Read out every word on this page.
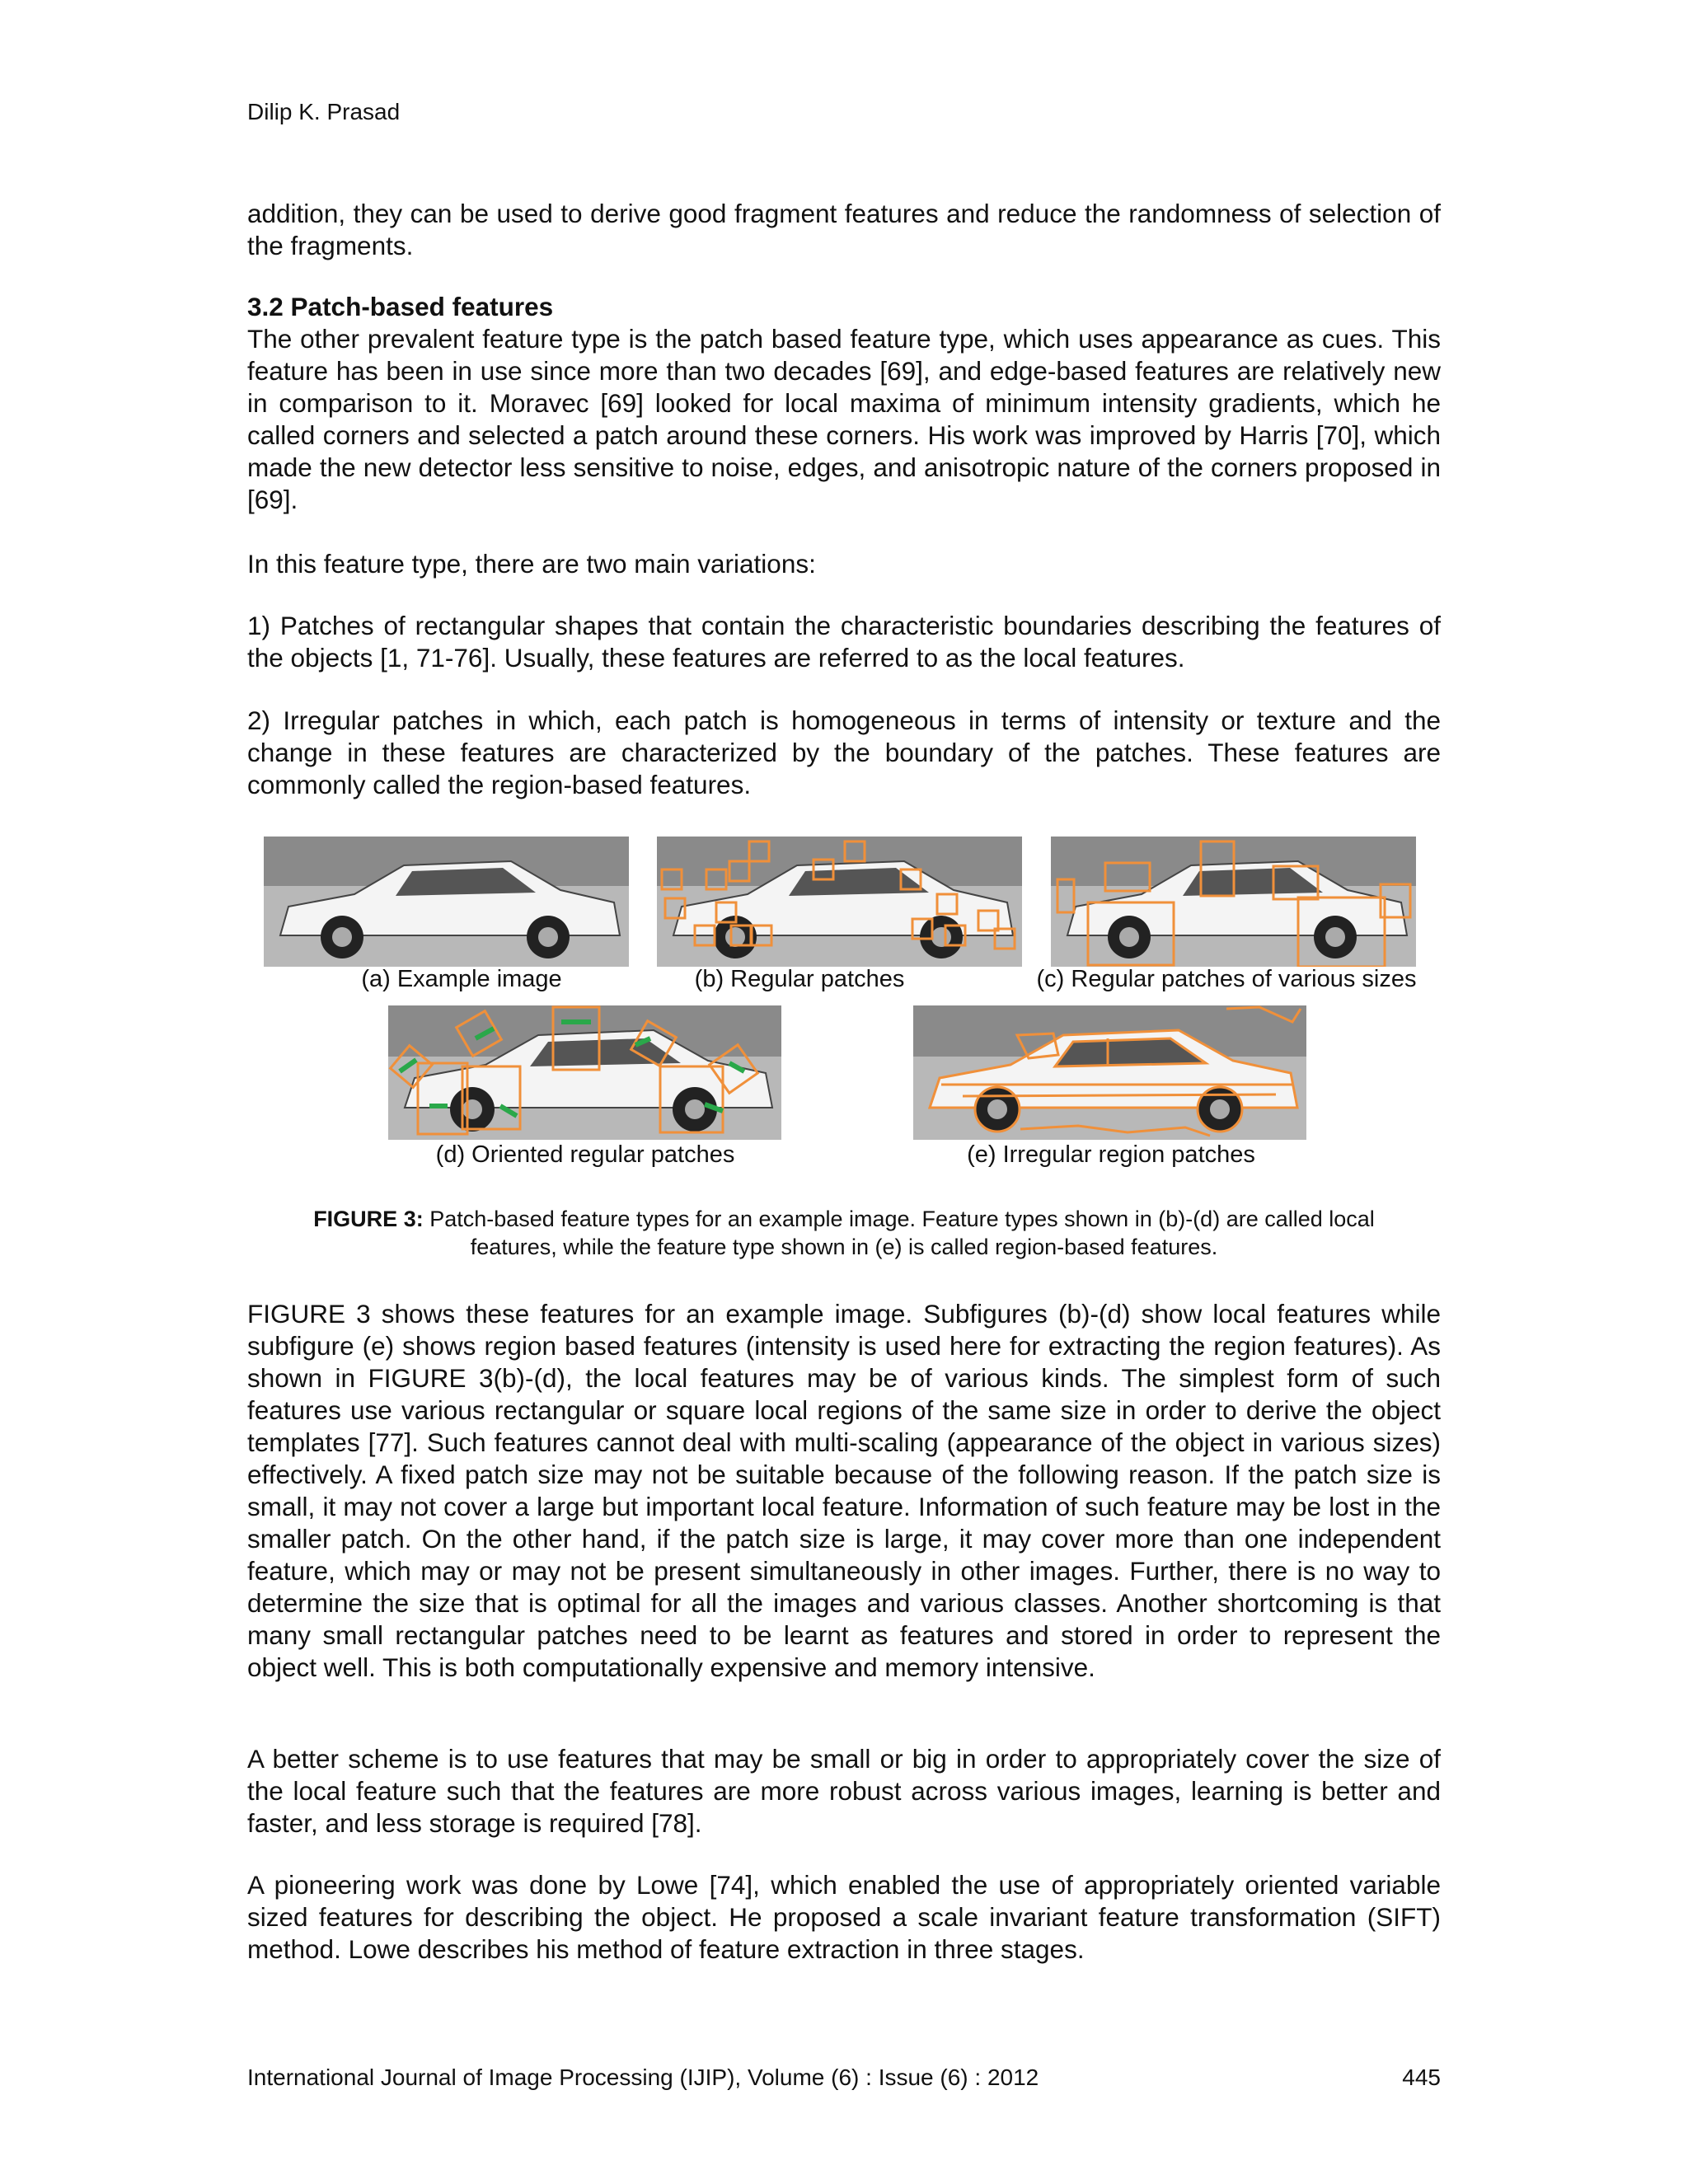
Dilip K. Prasad

addition, they can be used to derive good fragment features and reduce the randomness of selection of the fragments.

3.2 Patch-based features

The other prevalent feature type is the patch based feature type, which uses appearance as cues. This feature has been in use since more than two decades [69], and edge-based features are relatively new in comparison to it. Moravec [69] looked for local maxima of minimum intensity gradients, which he called corners and selected a patch around these corners. His work was improved by Harris [70], which made the new detector less sensitive to noise, edges, and anisotropic nature of the corners proposed in [69].

In this feature type, there are two main variations:

1) Patches of rectangular shapes that contain the characteristic boundaries describing the features of the objects [1, 71-76]. Usually, these features are referred to as the local features.

2) Irregular patches in which, each patch is homogeneous in terms of intensity or texture and the change in these features are characterized by the boundary of the patches. These features are commonly called the region-based features.

(a) Example image	(b) Regular patches	(c) Regular patches of various sizes
(d) Oriented regular patches	(e) Irregular region patches
FIGURE 3: Patch-based feature types for an example image. Feature types shown in (b)-(d) are called local
features, while the feature type shown in (e) is called region-based features.

FIGURE 3 shows these features for an example image. Subfigures (b)-(d) show local features while subfigure (e) shows region based features (intensity is used here for extracting the region features). As shown in FIGURE 3(b)-(d), the local features may be of various kinds. The simplest form of such features use various rectangular or square local regions of the same size in order to derive the object templates [77]. Such features cannot deal with multi-scaling (appearance of the object in various sizes) effectively. A fixed patch size may not be suitable because of the following reason. If the patch size is small, it may not cover a large but important local feature. Information of such feature may be lost in the smaller patch. On the other hand, if the patch size is large, it may cover more than one independent feature, which may or may not be present simultaneously in other images. Further, there is no way to determine the size that is optimal for all the images and various classes. Another shortcoming is that many small rectangular patches need to be learnt as features and stored in order to represent the object well. This is both computationally expensive and memory intensive.

A better scheme is to use features that may be small or big in order to appropriately cover the size of the local feature such that the features are more robust across various images, learning is better and faster, and less storage is required [78].

A pioneering work was done by Lowe [74], which enabled the use of appropriately oriented variable sized features for describing the object. He proposed a scale invariant feature transformation (SIFT) method. Lowe describes his method of feature extraction in three stages.

International Journal of Image Processing (IJIP), Volume (6) : Issue (6) : 2012	445
